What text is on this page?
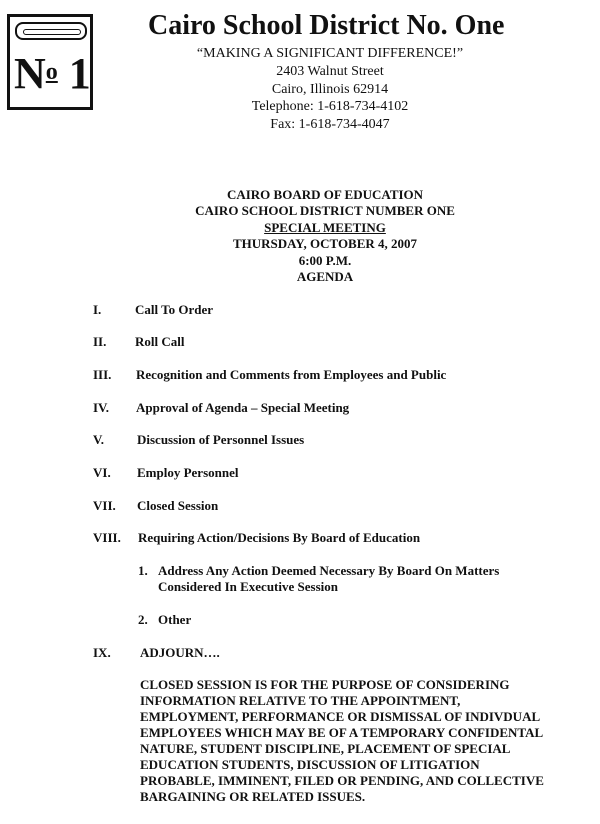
$N^o$ 1
Cairo School District No. One
“MAKING A SIGNIFICANT DIFFERENCE!”
2403 Walnut Street
Cairo, Illinois 62914
Telephone: 1-618-734-4102
Fax: 1-618-734-4047
CAIRO BOARD OF EDUCATION
CAIRO SCHOOL DISTRICT NUMBER ONE
SPECIAL MEETING
THURSDAY, OCTOBER 4, 2007
6:00 P.M.
AGENDA
I.	Call To Order
II. Roll Call
III. Recognition and Comments from Employees and Public
IV. Approval of Agenda – Special Meeting
V.	Discussion of Personnel Issues
VI. Employ Personnel
VII. Closed Session
VIII. Requiring Action/Decisions By Board of Education
1. Address Any Action Deemed Necessary By Board On Matters
Considered In Executive Session
2. Other
IX. ADJOURN….
CLOSED SESSION IS FOR THE PURPOSE OF CONSIDERING
INFORMATION RELATIVE TO THE APPOINTMENT,
EMPLOYMENT, PERFORMANCE OR DISMISSAL OF INDIVDUAL
EMPLOYEES WHICH MAY BE OF A TEMPORARY CONFIDENTAL
NATURE, STUDENT DISCIPLINE, PLACEMENT OF SPECIAL
EDUCATION STUDENTS, DISCUSSION OF LITIGATION
PROBABLE, IMMINENT, FILED OR PENDING, AND COLLECTIVE
BARGAINING OR RELATED ISSUES.
